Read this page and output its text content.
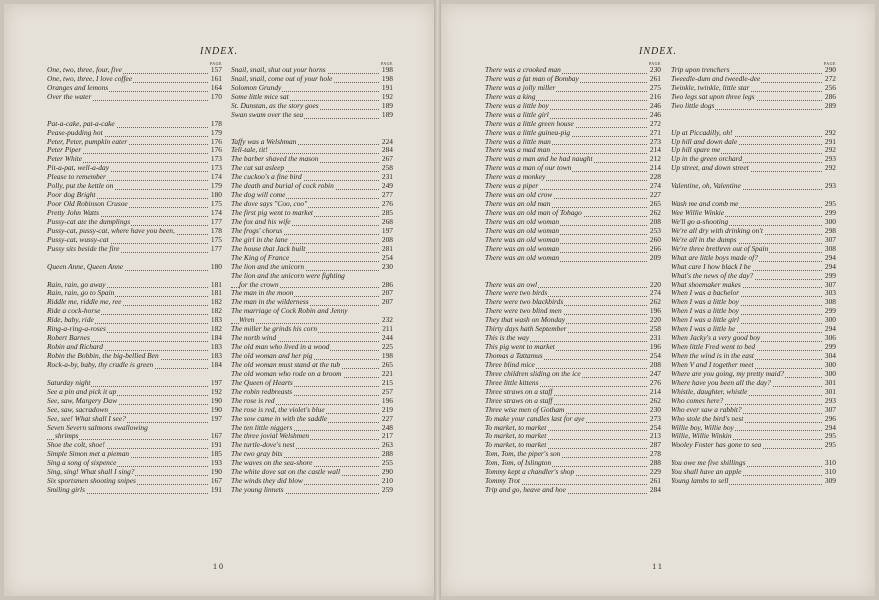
INDEX.
PAGE
One, two, three, four, five	157
One, two, three, I love coffee	161
Oranges and lemons	164
Over the water	170
Pat-a-cake, pat-a-cake	178
Pease-pudding hot	179
Peter, Peter, pumpkin eater	176
Peter Piper	176
Peter White	173
Pit-a-pat, well-a-day	173
Please to remember	174
Polly, put the kettle on	179
Poor dog Bright	180
Poor Old Robinson Crusoe	175
Pretty John Watts	174
Pussy-cat ate the dumplings	177
Pussy-cat, pussy-cat, where have you been,	178
Pussy-cat, wussy-cat	175
Pussy sits beside the fire	177
Queen Anne, Queen Anne	180
Rain, rain, go away	181
Rain, rain, go to Spain	181
Riddle me, riddle me, ree	182
Ride a cock-horse	182
Ride, baby, ride	183
Ring-a-ring-a-roses	182
Robert Barnes	184
Robin and Richard	183
Robin the Bobbin, the big-bellied Ben	183
Rock-a-by, baby, thy cradle is green	184
Saturday night	197
See a pin and pick it up	192
See, saw, Margery Daw	190
See, saw, sacradown	190
See, see! What shall I see?	197
Seven Severn salmons swallowing
shrimps	167
Shoe the colt, shoe!	191
Simple Simon met a pieman	185
Sing a song of sixpence	193
Sing, sing! What shall I sing?	190
Six sportsmen shooting snipes	167
Smiling girls	191
PAGE
Snail, snail, shut out your horns	198
Snail, snail, come out of your hole	198
Solomon Grundy	191
Some little mice sat	192
St. Dunstan, as the story goes	189
Swan swam over the sea	189
Taffy was a Welshman	224
Tell-tale, tit!	284
The barber shaved the mason	267
The cat sat asleep	258
The cuckoo's a fine bird	231
The death and burial of cock robin	249
The dog will come	277
The dove says "Coo, coo"	276
The first pig went to market	285
The fox and his wife	268
The frogs' chorus	197
The girl in the lane	208
The house that Jack built	281
The King of France	254
The lion and the unicorn	230
The lion and the unicorn were fighting
for the crown	286
The man in the moon	207
The man in the wilderness	207
The marriage of Cock Robin and Jenny
Wren	232
The miller he grinds his corn	211
The north wind	244
The old man who lived in a wood	225
The old woman and her pig	198
The old woman must stand at the tub	265
The old woman who rode on a broom	221
The Queen of Hearts	215
The robin redbreasts	257
The rose is red	196
The rose is red, the violet's blue	219
The sow came in with the saddle	227
The ten little niggers	248
The three jovial Welshmen	217
The turtle-dove's nest	263
The two gray bits	288
The waves on the sea-shore	255
The white dove sat on the castle wall	290
The winds they did blow	210
The young linnets	259
10
INDEX.
PAGE
There was a crooked man	230
There was a fat man of Bombay	261
There was a jolly miller	275
There was a king	216
There was a little boy	246
There was a little girl	246
There was a little green house	272
There was a little guinea-pig	271
There was a little man	273
There was a mad man	214
There was a man and he had naught	212
There was a man of our town	214
There was a monkey	228
There was a piper	274
There was an old crow	227
There was an old man	265
There was an old man of Tobago	262
There was an old woman	208
There was an old woman	253
There was an old woman	260
There was an old woman	266
There was an old woman	209
There was an owl	220
There were two birds	274
There were two blackbirds	262
There were two blind men	196
They that wash on Monday	220
Thirty days hath September	258
This is the way	231
This pig went to market	196
Thomas a Tattamus	254
Three blind mice	208
Three children sliding on the ice	247
Three little kittens	276
Three straws on a staff	214
Three straws on a staff	262
Three wise men of Gotham	230
To make your candles last for aye	273
To market, to market	254
To market, to market	213
To market, to market	287
Tom, Tom, the piper's son	278
Tom, Tom, of Islington	288
Tommy kept a chandler's shop	229
Tommy Trot	261
Trip and go, heave and hoe	284
PAGE
Trip upon trenchers	290
Tweedle-dum and tweedle-dee	272
Twinkle, twinkle, little star	256
Two legs sat upon three legs	286
Two little dogs	289
Up at Piccadilly, oh!	292
Up hill and down dale	291
Up hill spare me	292
Up in the green orchard	293
Up street, and down street	292
Valentine, oh, Valentine	293
Wash me and comb me	295
Wee Willie Winkie	299
We'll go a-shooting	300
We're all dry with drinking on't	298
We're all in the dumps	307
We're three brethren out of Spain	308
What are little boys made of?	294
What care I how black I be	294
What's the news of the day?	299
What shoemaker makes	307
When I was a bachelor	303
When I was a little boy	308
When I was a little boy	299
When I was a little girl	300
When I was a little he	294
When Jacky's a very good boy	306
When little Fred went to bed	299
When the wind is in the east	304
When V and I together meet	300
Where are you going, my pretty maid?	300
Where have you been all the day?	301
Whistle, daughter, whistle	301
Who comes here?	293
Who ever saw a rabbit?	307
Who stole the bird's nest	296
Willie boy, Willie boy	294
Willie, Willie Winkin	295
Wooley Foster has gone to sea	295
You owe me five shillings	310
You shall have an apple	310
Young lambs to sell	309
11
